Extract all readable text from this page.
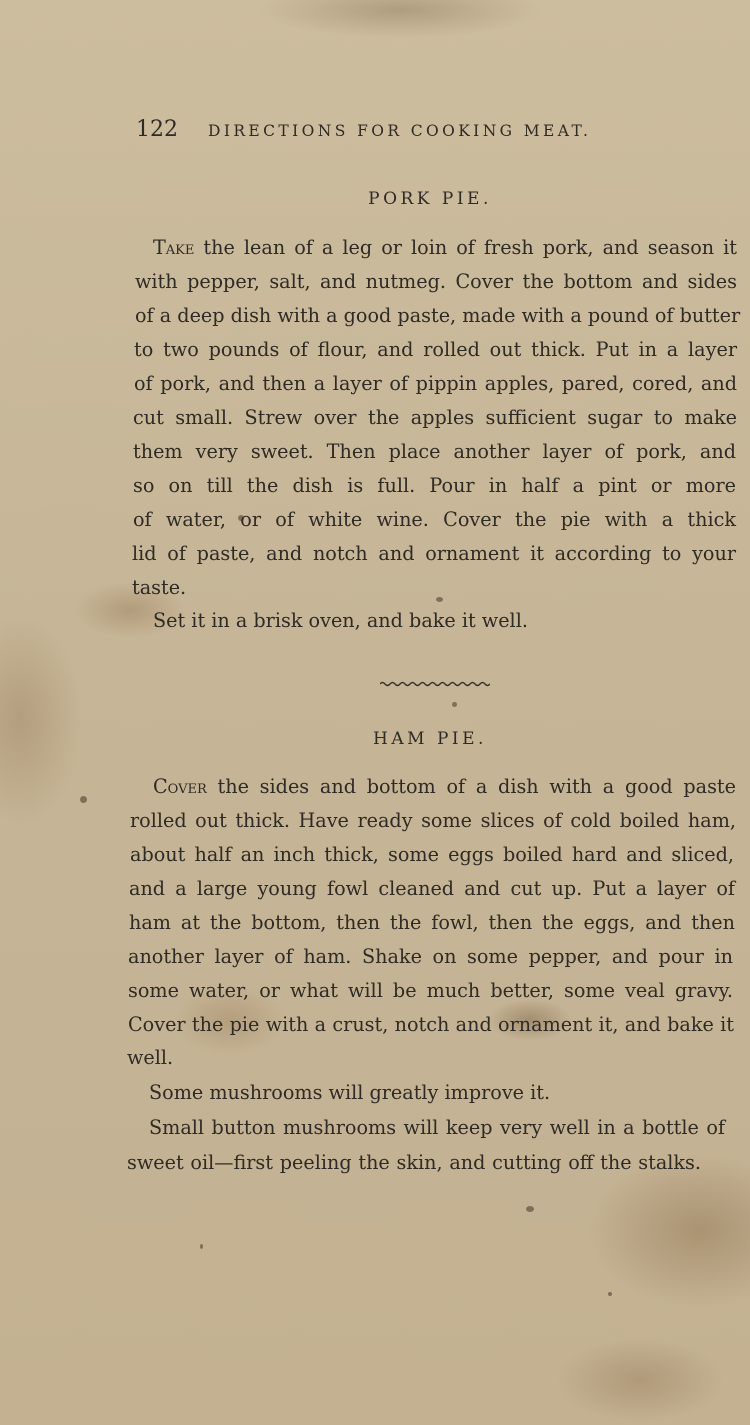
122 DIRECTIONS FOR COOKING MEAT.
PORK PIE.
Take the lean of a leg or loin of fresh pork, and season it
with pepper, salt, and nutmeg. Cover the bottom and sides
of a deep dish with a good paste, made with a pound of butter
to two pounds of flour, and rolled out thick. Put in a layer
of pork, and then a layer of pippin apples, pared, cored, and
cut small. Strew over the apples sufficient sugar to make
them very sweet. Then place another layer of pork, and
so on till the dish is full. Pour in half a pint or more
of water, or of white wine. Cover the pie with a thick
lid of paste, and notch and ornament it according to your
taste.
Set it in a brisk oven, and bake it well.
HAM PIE.
Cover the sides and bottom of a dish with a good paste
rolled out thick. Have ready some slices of cold boiled ham,
about half an inch thick, some eggs boiled hard and sliced,
and a large young fowl cleaned and cut up. Put a layer of
ham at the bottom, then the fowl, then the eggs, and then
another layer of ham. Shake on some pepper, and pour in
some water, or what will be much better, some veal gravy.
Cover the pie with a crust, notch and ornament it, and bake it
well.
Some mushrooms will greatly improve it.
Small button mushrooms will keep very well in a bottle of
sweet oil—first peeling the skin, and cutting off the stalks.
